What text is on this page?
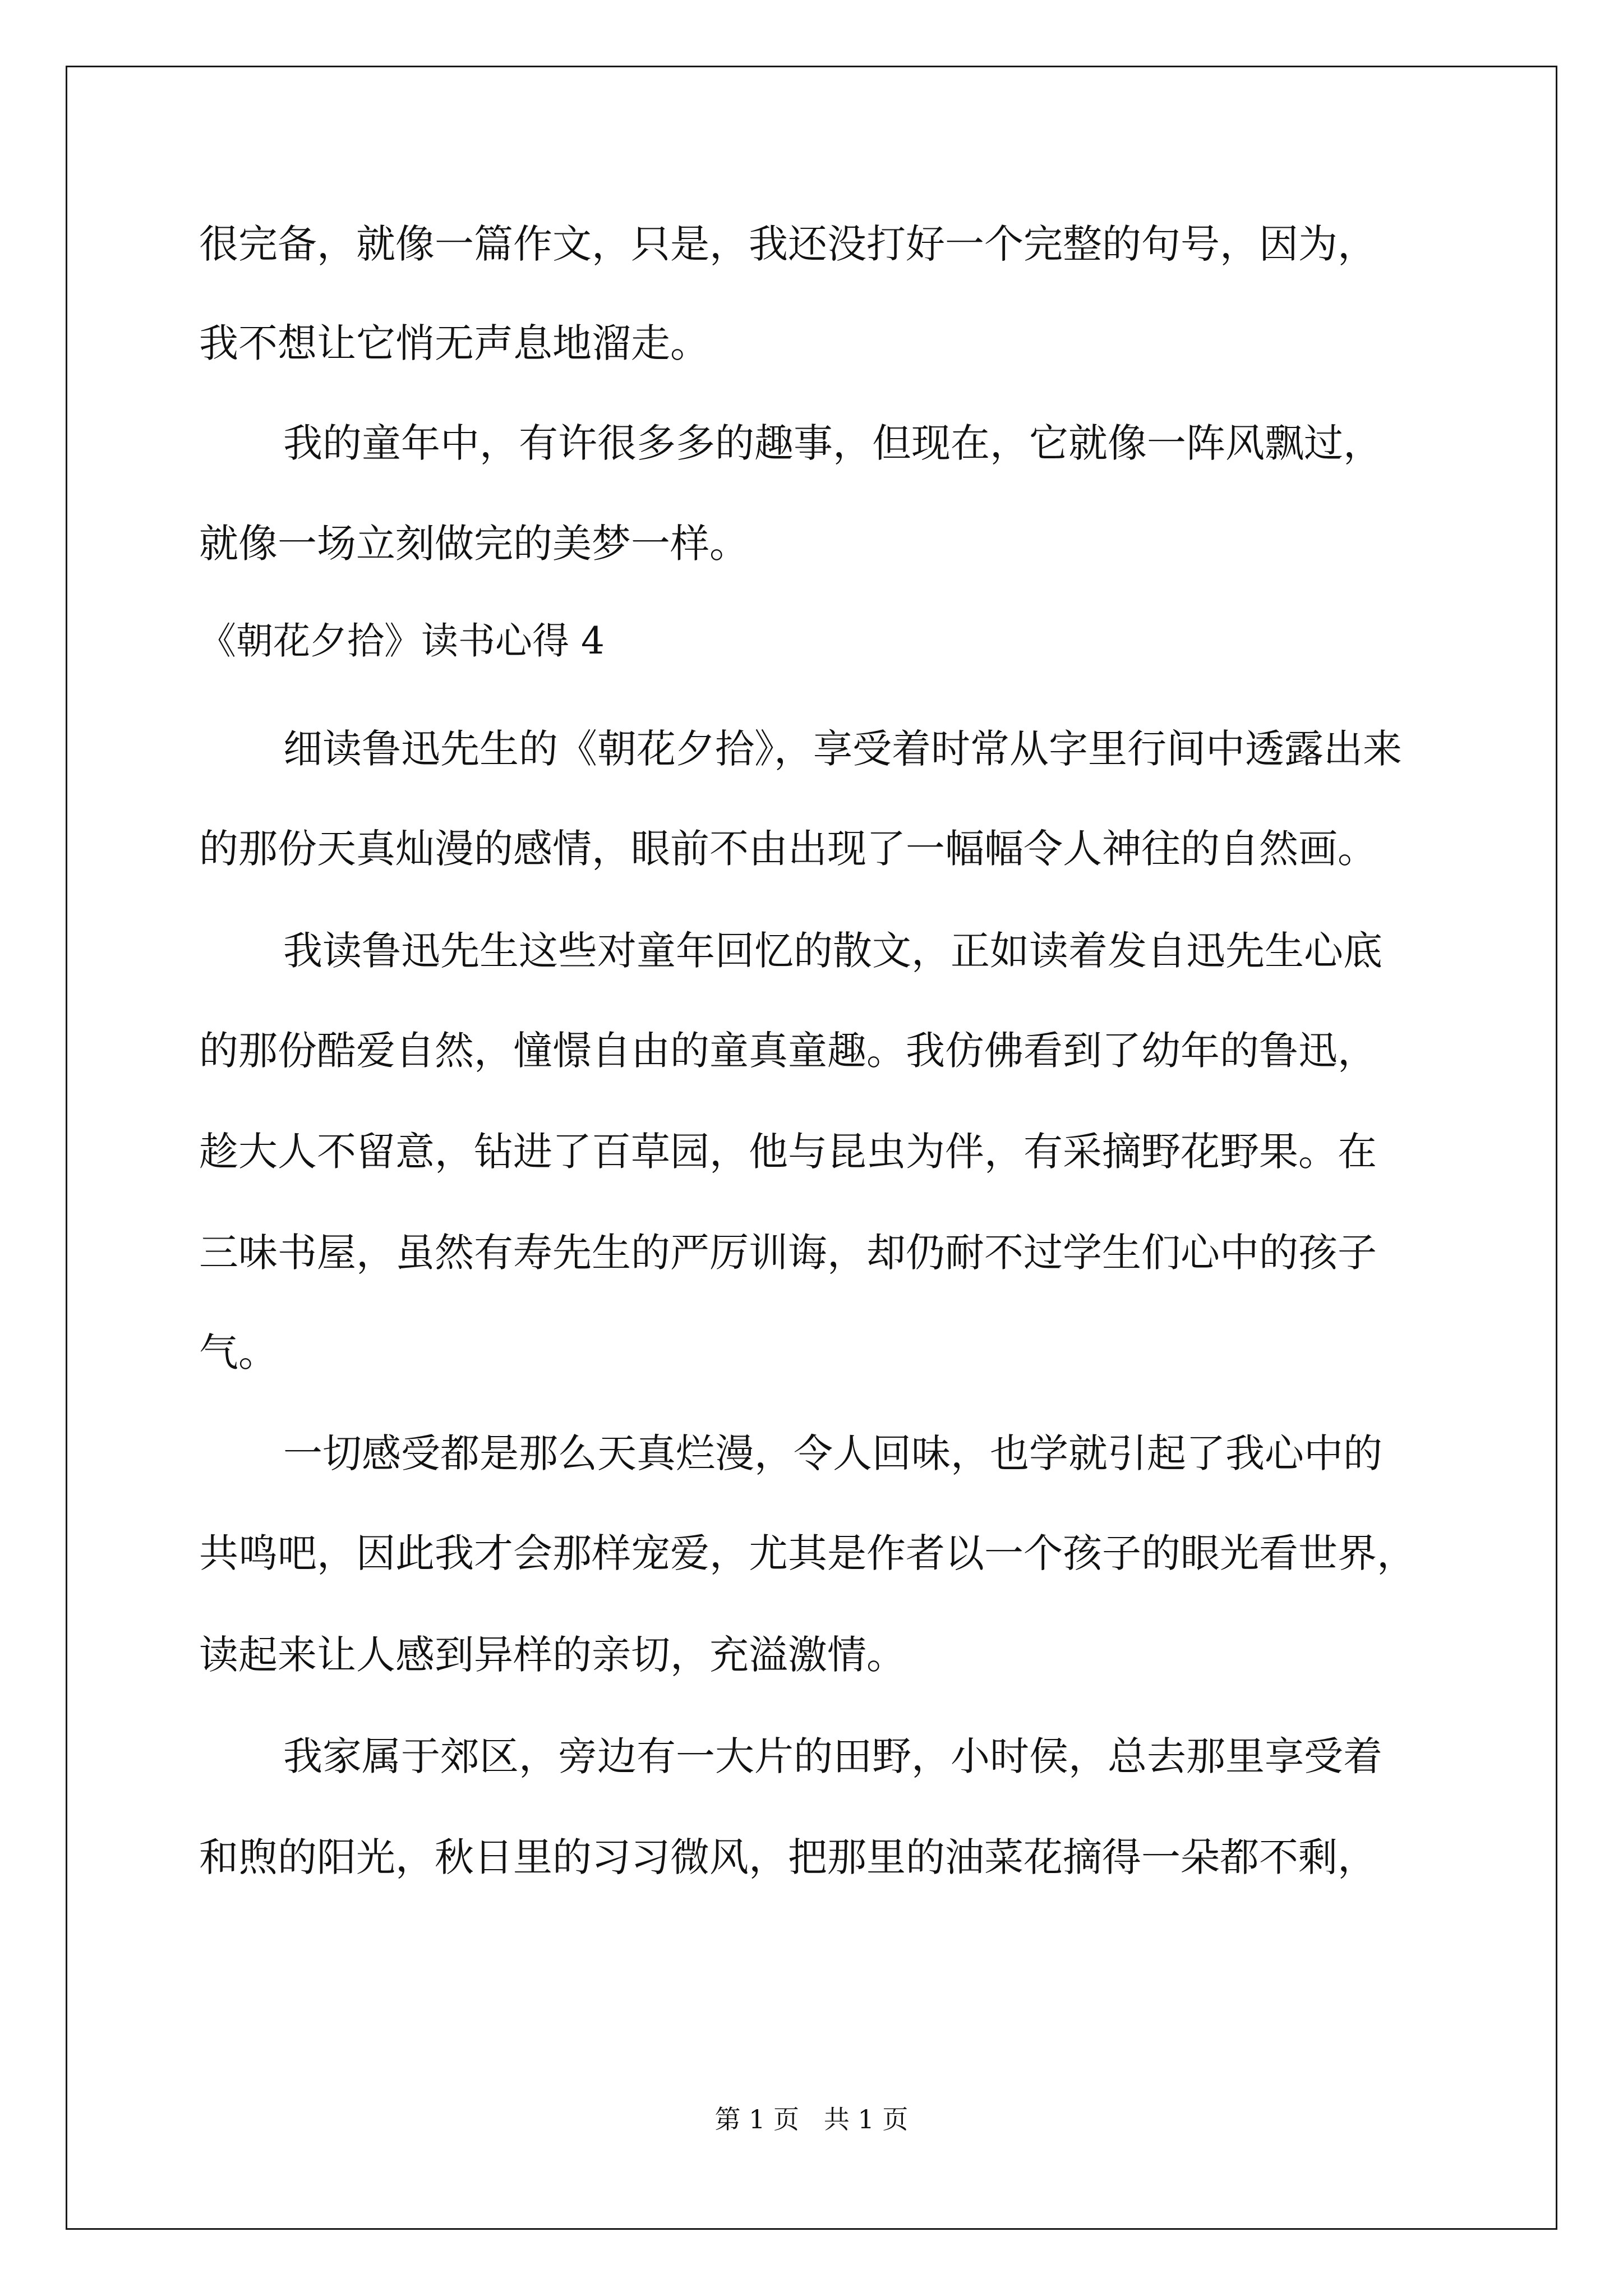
很完备，就像一篇作文，只是，我还没打好一个完整的句号，因为，

我不想让它悄无声息地溜走。

我的童年中，有许很多多的趣事，但现在，它就像一阵风飘过，

就像一场立刻做完的美梦一样。

《朝花夕拾》读书心得 4

细读鲁迅先生的《朝花夕拾》，享受着时常从字里行间中透露出来

的那份天真灿漫的感情，眼前不由出现了一幅幅令人神往的自然画。

我读鲁迅先生这些对童年回忆的散文，正如读着发自迅先生心底

的那份酷爱自然，憧憬自由的童真童趣。我仿佛看到了幼年的鲁迅，

趁大人不留意，钻进了百草园，他与昆虫为伴，有采摘野花野果。在

三味书屋，虽然有寿先生的严厉训诲，却仍耐不过学生们心中的孩子

气。

一切感受都是那么天真烂漫，令人回味，也学就引起了我心中的

共鸣吧，因此我才会那样宠爱，尤其是作者以一个孩子的眼光看世界，

读起来让人感到异样的亲切，充溢激情。

我家属于郊区，旁边有一大片的田野，小时侯，总去那里享受着

和煦的阳光，秋日里的习习微风，把那里的油菜花摘得一朵都不剩，

第 1 页   共 1 页
